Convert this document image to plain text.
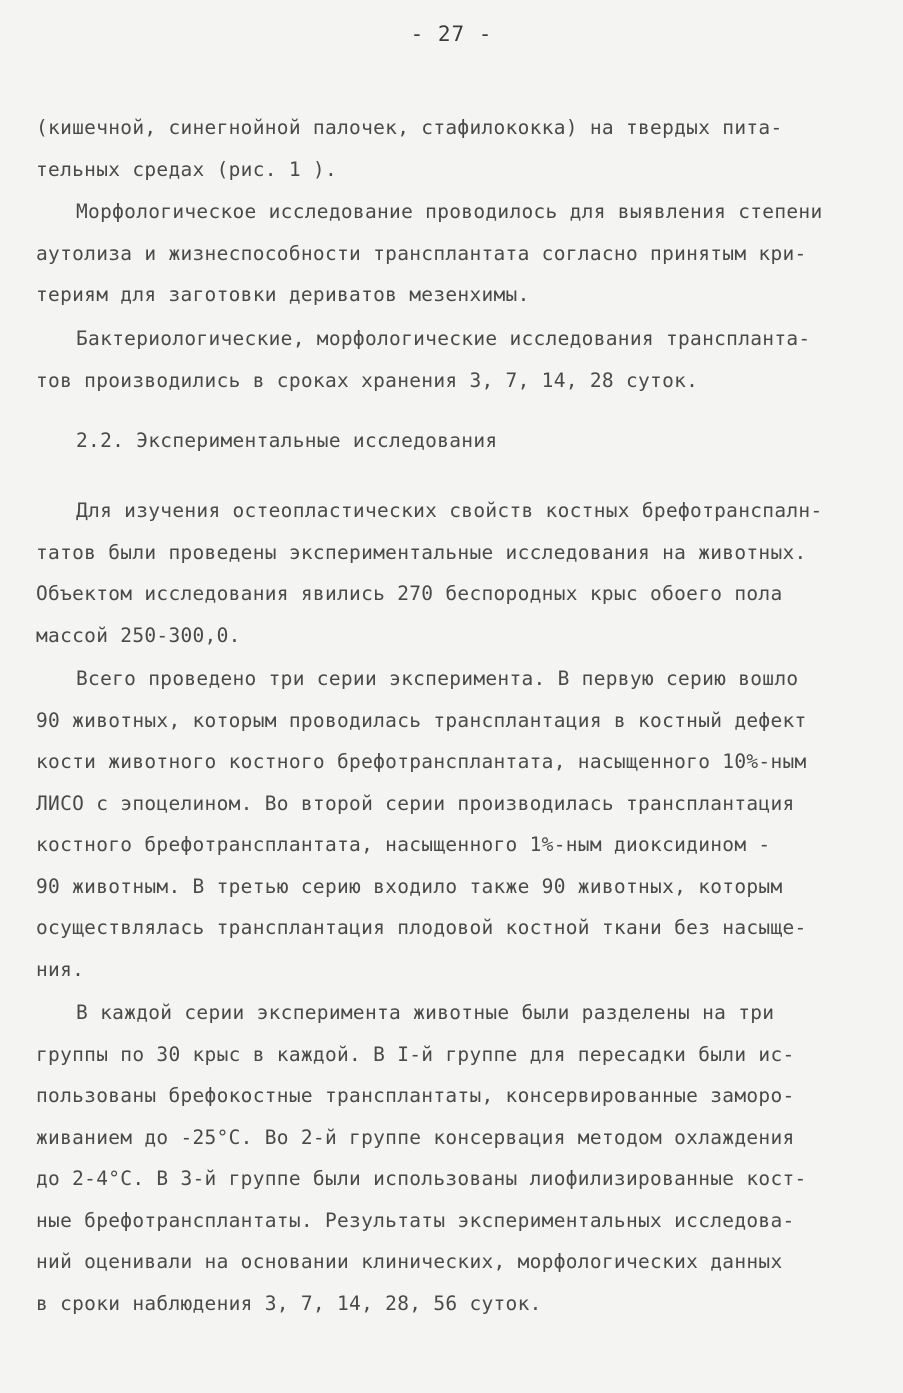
- 27 -
(кишечной, синегнойной палочек, стафилококка) на твердых пита-
тельных средах (рис. 1 ).
Морфологическое исследование проводилось для выявления степени
аутолиза и жизнеспособности трансплантата согласно принятым кри-
териям для заготовки дериватов мезенхимы.
Бактериологические, морфологические исследования транспланта-
тов производились в сроках хранения 3, 7, 14, 28 суток.
2.2. Экспериментальные исследования
Для изучения остеопластических свойств костных брефотранспалн-
татов были проведены экспериментальные исследования на животных.
Объектом исследования явились 270 беспородных крыс обоего пола
массой 250-300,0.
Всего проведено три серии эксперимента. В первую серию вошло
90 животных, которым проводилась трансплантация в костный дефект
кости животного костного брефотрансплантата, насыщенного 10%-ным
ЛИСО с эпоцелином. Во второй серии производилась трансплантация
костного брефотрансплантата, насыщенного 1%-ным диоксидином -
90 животным. В третью серию входило также 90 животных, которым
осуществлялась трансплантация плодовой костной ткани без насыще-
ния.
В каждой серии эксперимента животные были разделены на три
группы по 30 крыс в каждой. В I-й группе для пересадки были ис-
пользованы брефокостные трансплантаты, консервированные заморо-
живанием до -25°С. Во 2-й группе консервация методом охлаждения
до 2-4°С. В 3-й группе были использованы лиофилизированные кост-
ные брефотрансплантаты. Результаты экспериментальных исследова-
ний оценивали на основании клинических, морфологических данных
в сроки наблюдения 3, 7, 14, 28, 56 суток.
